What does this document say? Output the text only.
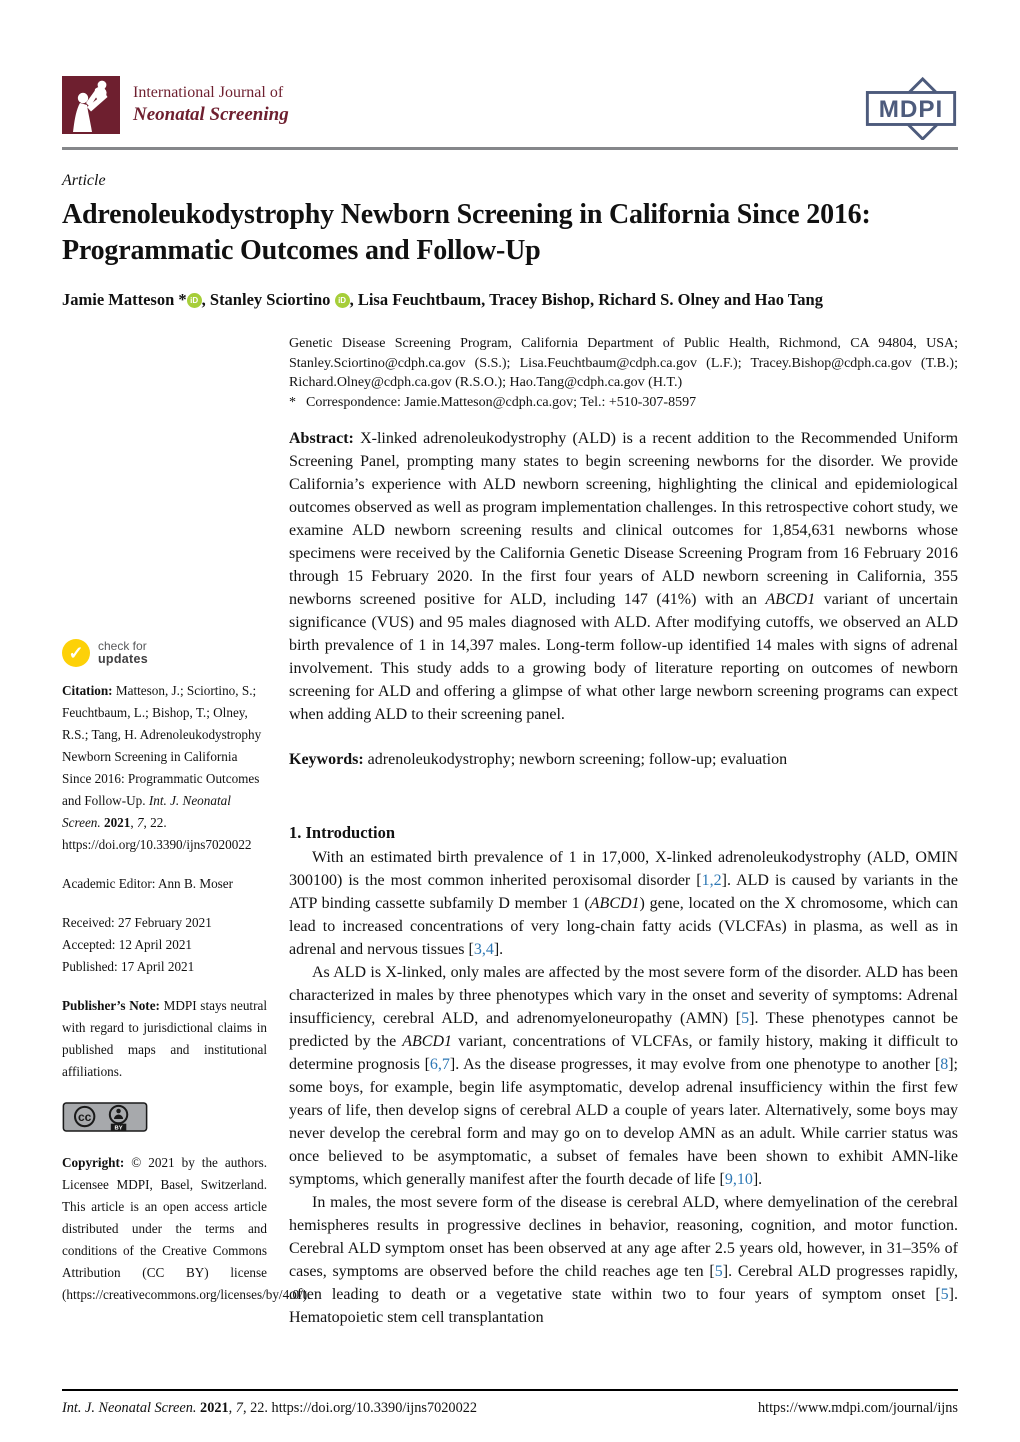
International Journal of
Neonatal Screening	MDPI
Article
Adrenoleukodystrophy Newborn Screening in California Since 2016: Programmatic Outcomes and Follow-Up
Jamie Matteson * iD , Stanley Sciortino iD , Lisa Feuchtbaum, Tracey Bishop, Richard S. Olney and Hao Tang
✓	check for
updates
Citation: Matteson, J.; Sciortino, S.; Feuchtbaum, L.; Bishop, T.; Olney, R.S.; Tang, H. Adrenoleukodystrophy Newborn Screening in California Since 2016: Programmatic Outcomes and Follow-Up. Int. J. Neonatal Screen. 2021, 7, 22. https://doi.org/10.3390/ijns7020022
Academic Editor: Ann B. Moser
Received: 27 February 2021
Accepted: 12 April 2021
Published: 17 April 2021
Publisher’s Note: MDPI stays neutral with regard to jurisdictional claims in published maps and institutional affiliations.
cc
BY
Copyright: © 2021 by the authors. Licensee MDPI, Basel, Switzerland. This article is an open access article distributed under the terms and conditions of the Creative Commons Attribution (CC BY) license (https://creativecommons.org/licenses/by/4.0/).
Genetic Disease Screening Program, California Department of Public Health, Richmond, CA 94804, USA; Stanley.Sciortino@cdph.ca.gov (S.S.); Lisa.Feuchtbaum@cdph.ca.gov (L.F.); Tracey.Bishop@cdph.ca.gov (T.B.); Richard.Olney@cdph.ca.gov (R.S.O.); Hao.Tang@cdph.ca.gov (H.T.)
* Correspondence: Jamie.Matteson@cdph.ca.gov; Tel.: +510-307-8597
Abstract: X-linked adrenoleukodystrophy (ALD) is a recent addition to the Recommended Uniform Screening Panel, prompting many states to begin screening newborns for the disorder. We provide California’s experience with ALD newborn screening, highlighting the clinical and epidemiological outcomes observed as well as program implementation challenges. In this retrospective cohort study, we examine ALD newborn screening results and clinical outcomes for 1,854,631 newborns whose specimens were received by the California Genetic Disease Screening Program from 16 February 2016 through 15 February 2020. In the first four years of ALD newborn screening in California, 355 newborns screened positive for ALD, including 147 (41%) with an ABCD1 variant of uncertain significance (VUS) and 95 males diagnosed with ALD. After modifying cutoffs, we observed an ALD birth prevalence of 1 in 14,397 males. Long-term follow-up identified 14 males with signs of adrenal involvement. This study adds to a growing body of literature reporting on outcomes of newborn screening for ALD and offering a glimpse of what other large newborn screening programs can expect when adding ALD to their screening panel.
Keywords: adrenoleukodystrophy; newborn screening; follow-up; evaluation
1. Introduction

With an estimated birth prevalence of 1 in 17,000, X-linked adrenoleukodystrophy (ALD, OMIN 300100) is the most common inherited peroxisomal disorder [1,2]. ALD is caused by variants in the ATP binding cassette subfamily D member 1 (ABCD1) gene, located on the X chromosome, which can lead to increased concentrations of very long-chain fatty acids (VLCFAs) in plasma, as well as in adrenal and nervous tissues [3,4].

As ALD is X-linked, only males are affected by the most severe form of the disorder. ALD has been characterized in males by three phenotypes which vary in the onset and severity of symptoms: Adrenal insufficiency, cerebral ALD, and adrenomyeloneuropathy (AMN) [5]. These phenotypes cannot be predicted by the ABCD1 variant, concentrations of VLCFAs, or family history, making it difficult to determine prognosis [6,7]. As the disease progresses, it may evolve from one phenotype to another [8]; some boys, for example, begin life asymptomatic, develop adrenal insufficiency within the first few years of life, then develop signs of cerebral ALD a couple of years later. Alternatively, some boys may never develop the cerebral form and may go on to develop AMN as an adult. While carrier status was once believed to be asymptomatic, a subset of females have been shown to exhibit AMN-like symptoms, which generally manifest after the fourth decade of life [9,10].

In males, the most severe form of the disease is cerebral ALD, where demyelination of the cerebral hemispheres results in progressive declines in behavior, reasoning, cognition, and motor function. Cerebral ALD symptom onset has been observed at any age after 2.5 years old, however, in 31–35% of cases, symptoms are observed before the child reaches age ten [5]. Cerebral ALD progresses rapidly, often leading to death or a vegetative state within two to four years of symptom onset [5]. Hematopoietic stem cell transplantation

Int. J. Neonatal Screen. 2021, 7, 22. https://doi.org/10.3390/ijns7020022	https://www.mdpi.com/journal/ijns
